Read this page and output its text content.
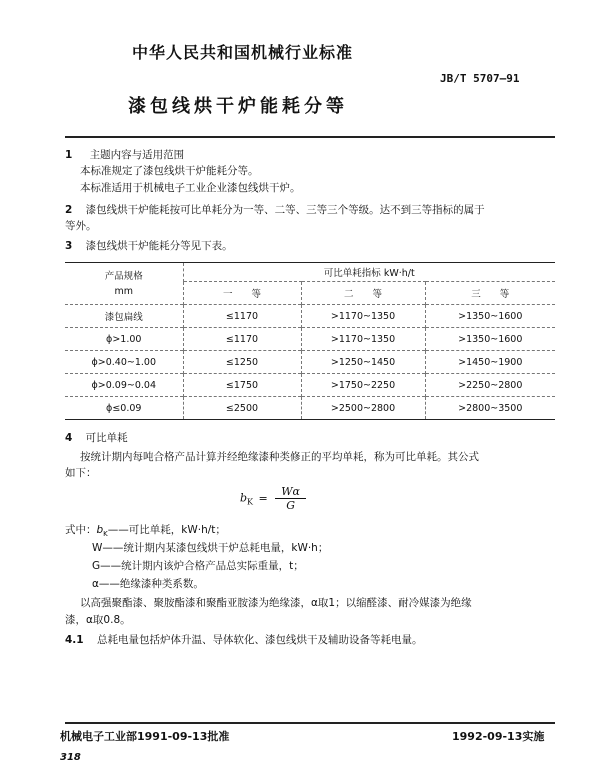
中华人民共和国机械行业标准
JB/T 5707—91
漆包线烘干炉能耗分等
1 主题内容与适用范围
本标准规定了漆包线烘干炉能耗分等。
本标准适用于机械电子工业企业漆包线烘干炉。
2 漆包线烘干炉能耗按可比单耗分为一等、二等、三等三个等级。达不到三等指标的属于
等外。
3 漆包线烘干炉能耗分等见下表。
产品规格
mm	可比单耗指标 kW·h/t		
	一　　等	二　　等	三　　等
漆包扁线	≤1170	>1170~1350	>1350~1600
ϕ>1.00	≤1170	>1170~1350	>1350~1600
ϕ>0.40~1.00	≤1250	>1250~1450	>1450~1900
ϕ>0.09~0.04	≤1750	>1750~2250	>2250~2800
ϕ≤0.09	≤2500	>2500~2800	>2800~3500
4 可比单耗
按统计期内每吨合格产品计算并经绝缘漆种类修正的平均单耗，称为可比单耗。其公式
如下：
$b_K = \frac{W\alpha}{G}$
式中：$b_K——$可比单耗，kW·h/t；
W——统计期内某漆包线烘干炉总耗电量，kW·h；
G——统计期内该炉合格产品总实际重量，t；
α——绝缘漆种类系数。
以高强聚酯漆、聚胺酯漆和聚酯亚胺漆为绝缘漆，α取1；以缩醛漆、耐冷媒漆为绝缘
漆，α取0.8。
4.1 总耗电量包括炉体升温、导体软化、漆包线烘干及辅助设备等耗电量。
机械电子工业部1991-09-13批准	1992-09-13实施
318
